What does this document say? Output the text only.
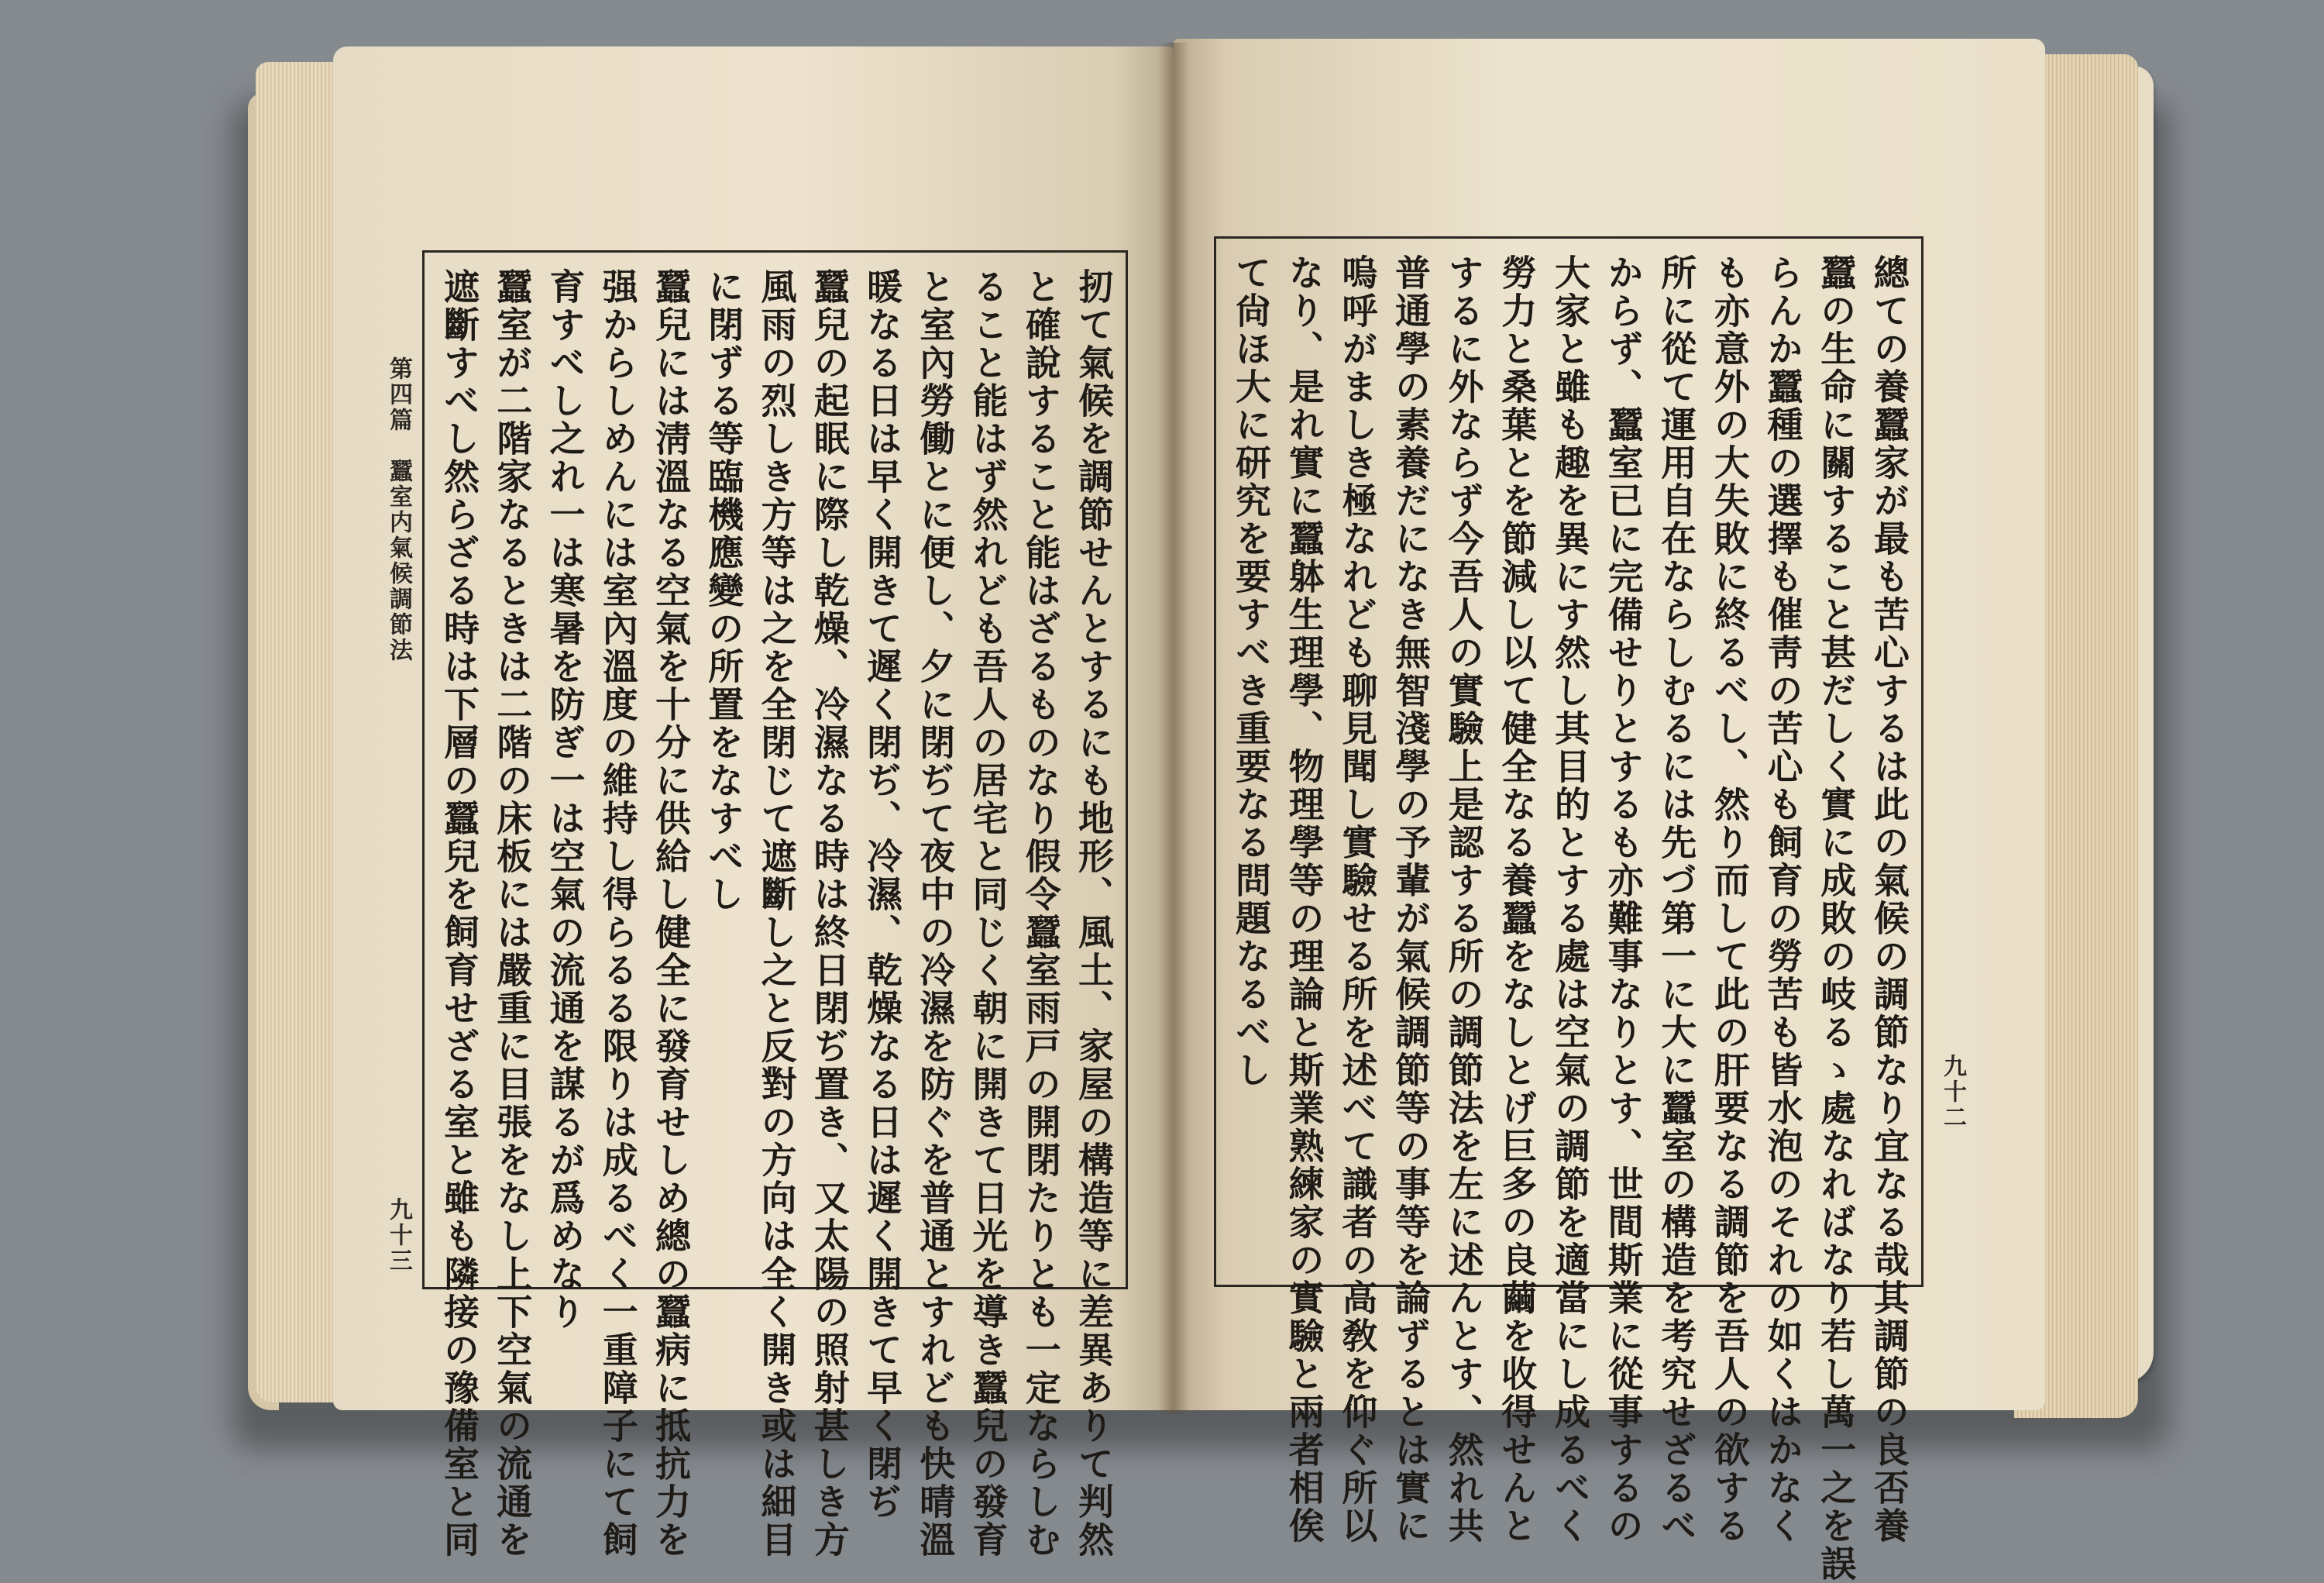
第四篇　蠶室内氣候調節法
九十三	扨て氣候を調節せんとするにも地形、風土、家屋の構造等に差異ありて判然
と確說すること能はざるものなり假令蠶室雨戸の開閉たりとも一定ならしむ
ること能はず然れども吾人の居宅と同じく朝に開きて日光を導き蠶兒の發育
と室內勞働とに便し、夕に閉ぢて夜中の冷濕を防ぐを普通とすれども快晴溫
暖なる日は早く開きて遲く閉ぢ、冷濕、乾燥なる日は遲く開きて早く閉ぢ
蠶兒の起眠に際し乾燥、冷濕なる時は終日閉ぢ置き、又太陽の照射甚しき方
風雨の烈しき方等は之を全閉じて遮斷し之と反對の方向は全く開き或は細目
に閉ずる等臨機應變の所置をなすべし
蠶兒には淸溫なる空氣を十分に供給し健全に發育せしめ總の蠶病に抵抗力を
强からしめんには室內溫度の維持し得らるる限りは成るべく一重障子にて飼
育すべし之れ一は寒暑を防ぎ一は空氣の流通を謀るが爲めなり
蠶室が二階家なるときは二階の床板には嚴重に目張をなし上下空氣の流通を
遮斷すべし然らざる時は下層の蠶兒を飼育せざる室と雖も隣接の豫備室と同	總ての養蠶家が最も苦心するは此の氣候の調節なり宜なる哉其調節の良否養
蠶の生命に關すること甚だしく實に成敗の岐るゝ處なればなり若し萬一之を誤
らんか蠶種の選擇も催靑の苦心も飼育の勞苦も皆水泡のそれの如くはかなく
も亦意外の大失敗に終るべし、然り而して此の肝要なる調節を吾人の欲する
所に從て運用自在ならしむるには先づ第一に大に蠶室の構造を考究せざるべ
からず、蠶室已に完備せりとするも亦難事なりとす、世間斯業に從事するの
大家と雖も趣を異にす然し其目的とする處は空氣の調節を適當にし成るべく
勞力と桑葉とを節減し以て健全なる養蠶をなしとげ巨多の良繭を收得せんと
するに外ならず今吾人の實驗上是認する所の調節法を左に述んとす、然れ共
普通學の素養だになき無智淺學の予輩が氣候調節等の事等を論ずるとは實に
嗚呼がましき極なれども聊見聞し實驗せる所を述べて識者の高敎を仰ぐ所以
なり、是れ實に蠶躰生理學、物理學等の理論と斯業熟練家の實驗と兩者相俟
て尙ほ大に研究を要すべき重要なる問題なるべし
九十二
